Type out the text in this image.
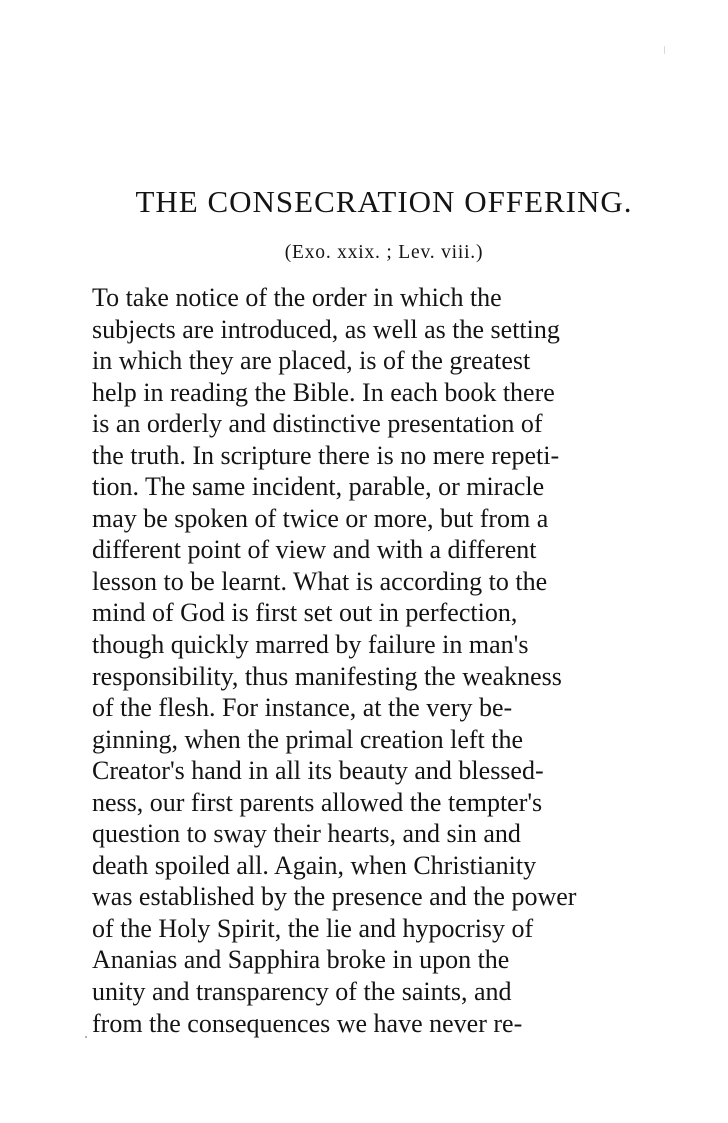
THE CONSECRATION OFFERING.

(Exo. xxix. ; Lev. viii.)

To take notice of the order in which the
subjects are introduced, as well as the setting
in which they are placed, is of the greatest
help in reading the Bible. In each book there
is an orderly and distinctive presentation of
the truth. In scripture there is no mere repeti-
tion. The same incident, parable, or miracle
may be spoken of twice or more, but from a
different point of view and with a different
lesson to be learnt. What is according to the
mind of God is first set out in perfection,
though quickly marred by failure in man's
responsibility, thus manifesting the weakness
of the flesh. For instance, at the very be-
ginning, when the primal creation left the
Creator's hand in all its beauty and blessed-
ness, our first parents allowed the tempter's
question to sway their hearts, and sin and
death spoiled all. Again, when Christianity
was established by the presence and the power
of the Holy Spirit, the lie and hypocrisy of
Ananias and Sapphira broke in upon the
unity and transparency of the saints, and
from the consequences we have never re-
